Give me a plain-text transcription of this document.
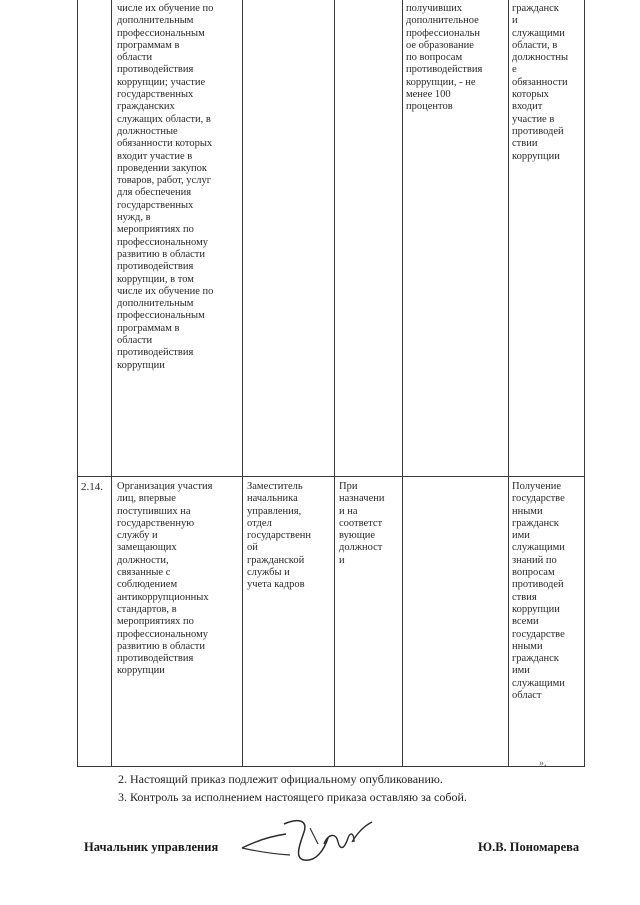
числе их обучение по
дополнительным
профессиональным
программам в
области
противодействия
коррупции; участие
государственных
гражданских
служащих области, в
должностные
обязанности которых
входит участие в
проведении закупок
товаров, работ, услуг
для обеспечения
государственных
нужд, в
мероприятиях по
профессиональному
развитию в области
противодействия
коррупции, в том
числе их обучение по
дополнительным
профессиональным
программам в
области
противодействия
коррупции
получивших
дополнительное
профессиональн
ое образование
по вопросам
противодействия
коррупции, - не
менее 100
процентов
гражданск
и
служащими
области, в
должностны
е
обязанности
которых
входит
участие в
противодей
ствии
коррупции
2.14.	Организация участия
лиц, впервые
поступивших на
государственную
службу и
замещающих
должности,
связанные с
соблюдением
антикоррупционных
стандартов, в
мероприятиях по
профессиональному
развитию в области
противодействия
коррупции
Заместитель
начальника
управления,
отдел
государственн
ой
гражданской
службы и
учета кадров
При
назначени
и на
соответст
вующие
должност
и
Получение
государстве
нными
гражданск
ими
служащими
знаний по
вопросам
противодей
ствия
коррупции
всеми
государстве
нными
гражданск
ими
служащими
област
».
2. Настоящий приказ подлежит официальному опубликованию.
3. Контроль за исполнением настоящего приказа оставляю за собой.
Начальник управления	Ю.В. Пономарева
